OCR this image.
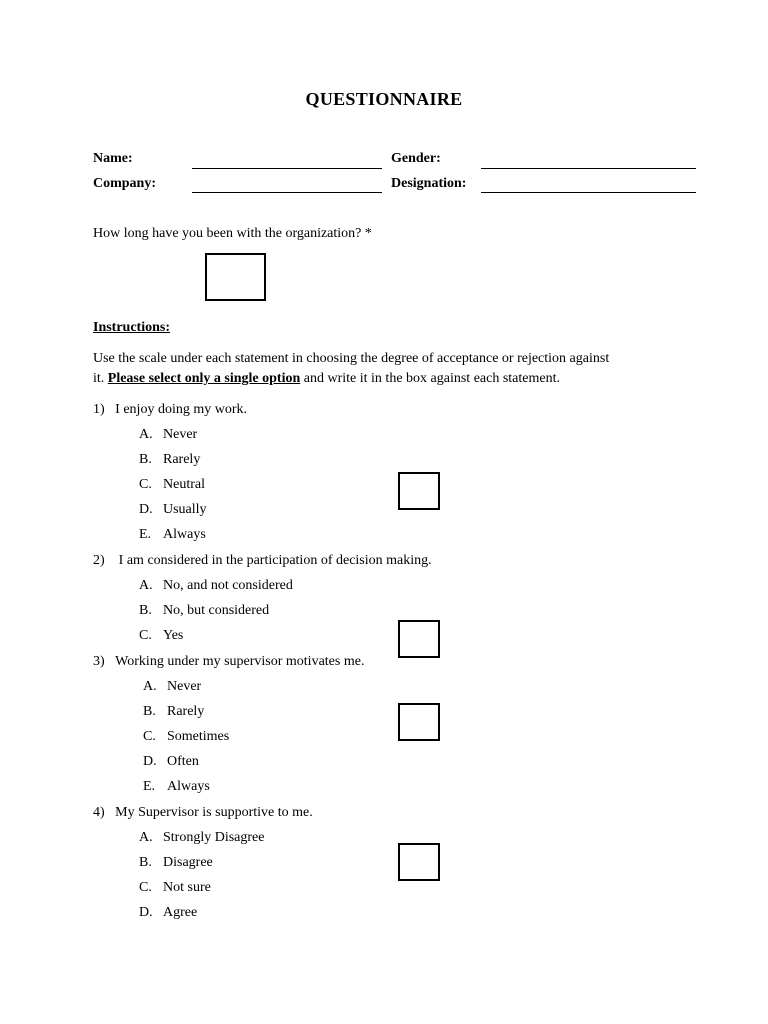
QUESTIONNAIRE
Name:	Gender:
Company:	Designation:
How long have you been with the organization? *
Instructions:
Use the scale under each statement in choosing the degree of acceptance or rejection against
it. Please select only a single option and write it in the box against each statement.
1) I enjoy doing my work.
A. Never
B. Rarely
C. Neutral
D. Usually
E. Always
2) I am considered in the participation of decision making.
A. No, and not considered
B. No, but considered
C. Yes
3) Working under my supervisor motivates me.
A. Never
B. Rarely
C. Sometimes
D. Often
E. Always
4) My Supervisor is supportive to me.
A. Strongly Disagree
B. Disagree
C. Not sure
D. Agree
